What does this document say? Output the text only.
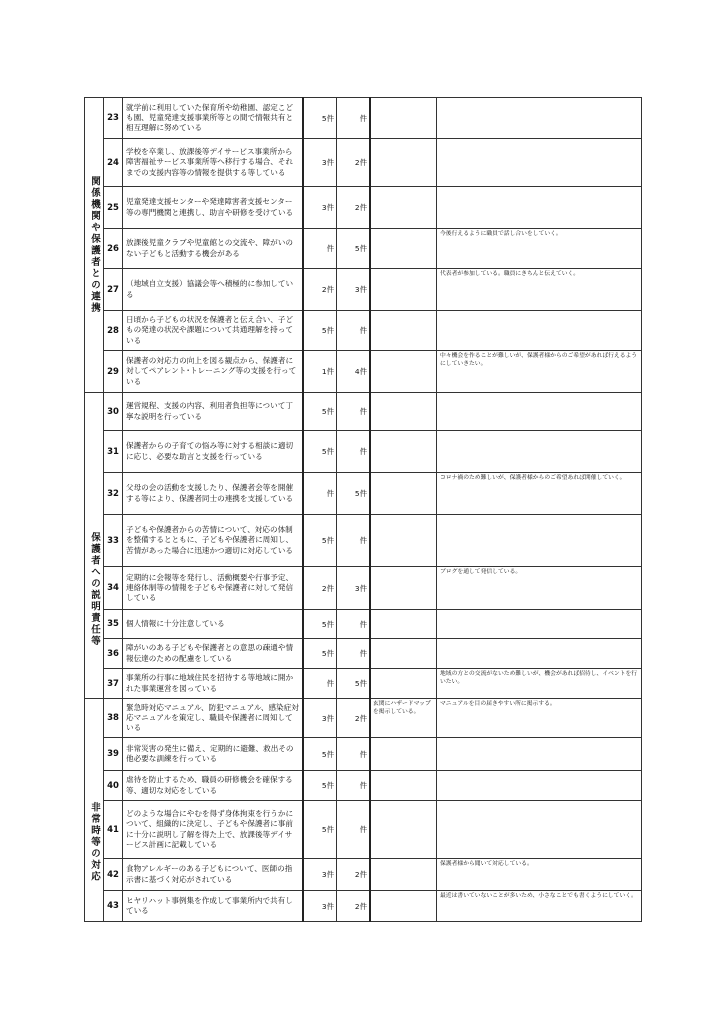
関係機関や保護者との連携	23	就学前に利用していた保育所や幼稚園、認定こども園、児童発達支援事業所等との間で情報共有と相互理解に努めている	5件	件		
	24	学校を卒業し、放課後等デイサービス事業所から障害福祉サービス事業所等へ移行する場合、それまでの支援内容等の情報を提供する等している	3件	2件		
	25	児童発達支援センターや発達障害者支援センター等の専門機関と連携し、助言や研修を受けている	3件	2件		
	26	放課後児童クラブや児童館との交流や、障がいのない子どもと活動する機会がある	件	5件		今後行えるように職員で話し合いをしていく。
	27	（地域自立支援）協議会等へ積極的に参加している	2件	3件		代表者が参加している。職員にきちんと伝えていく。
	28	日頃から子どもの状況を保護者と伝え合い、子どもの発達の状況や課題について共通理解を持っている	5件	件		
	29	保護者の対応力の向上を図る観点から、保護者に対してペアレント･トレーニング等の支援を行っている	1件	4件		中々機会を作ることが難しいが、保護者様からのご希望があれば行えるようにしていきたい。

保護者への説明責任等	30	運営規程、支援の内容、利用者負担等について丁寧な説明を行っている	5件	件		
	31	保護者からの子育ての悩み等に対する相談に適切に応じ、必要な助言と支援を行っている	5件	件		
	32	父母の会の活動を支援したり、保護者会等を開催する等により、保護者同士の連携を支援している	件	5件		コロナ禍のため難しいが、保護者様からのご希望あれば開催していく。
	33	子どもや保護者からの苦情について、対応の体制を整備するとともに、子どもや保護者に周知し、苦情があった場合に迅速かつ適切に対応している	5件	件		
	34	定期的に会報等を発行し、活動概要や行事予定、連絡体制等の情報を子どもや保護者に対して発信している	2件	3件		ブログを通して発信している。
	35	個人情報に十分注意している	5件	件		
	36	障がいのある子どもや保護者との意思の疎通や情報伝達のための配慮をしている	5件	件		
	37	事業所の行事に地域住民を招待する等地域に開かれた事業運営を図っている	件	5件		地域の方との交流がないため難しいが、機会があれば招待し、イベントを行いたい。

非常時等の対応	38	緊急時対応マニュアル、防犯マニュアル、感染症対応マニュアルを策定し、職員や保護者に周知している	3件	2件	玄関にハザードマップを掲示している。	マニュアルを目の届きやすい所に掲示する。
	39	非常災害の発生に備え、定期的に避難、救出その他必要な訓練を行っている	5件	件		
	40	虐待を防止するため、職員の研修機会を確保する等、適切な対応をしている	5件	件		
	41	どのような場合にやむを得ず身体拘束を行うかについて、組織的に決定し、子どもや保護者に事前に十分に説明し了解を得た上で、放課後等デイサービス計画に記載している	5件	件		
	42	食物アレルギーのある子どもについて、医師の指示書に基づく対応がされている	3件	2件		保護者様から聞いて対応している。
	43	ヒヤリハット事例集を作成して事業所内で共有している	3件	2件		最近は書いていないことが多いため、小さなことでも書くようにしていく。
